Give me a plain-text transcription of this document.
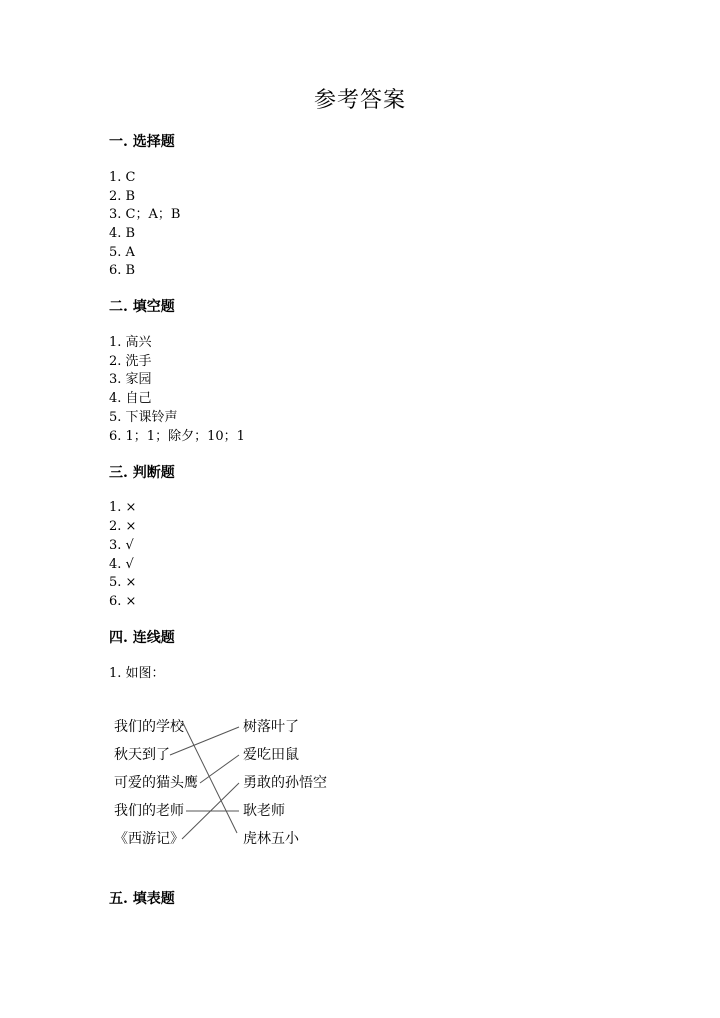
参考答案
一. 选择题
1. C
2. B
3. C；A；B
4. B
5. A
6. B
二. 填空题
1. 高兴
2. 洗手
3. 家园
4. 自己
5. 下课铃声
6. 1；1；除夕；10；1
三. 判断题
1. ×
2. ×
3. √
4. √
5. ×
6. ×
四. 连线题
1. 如图：
我们的学校
秋天到了
可爱的猫头鹰
我们的老师
《西游记》
树落叶了
爱吃田鼠
勇敢的孙悟空
耿老师
虎林五小
五. 填表题
